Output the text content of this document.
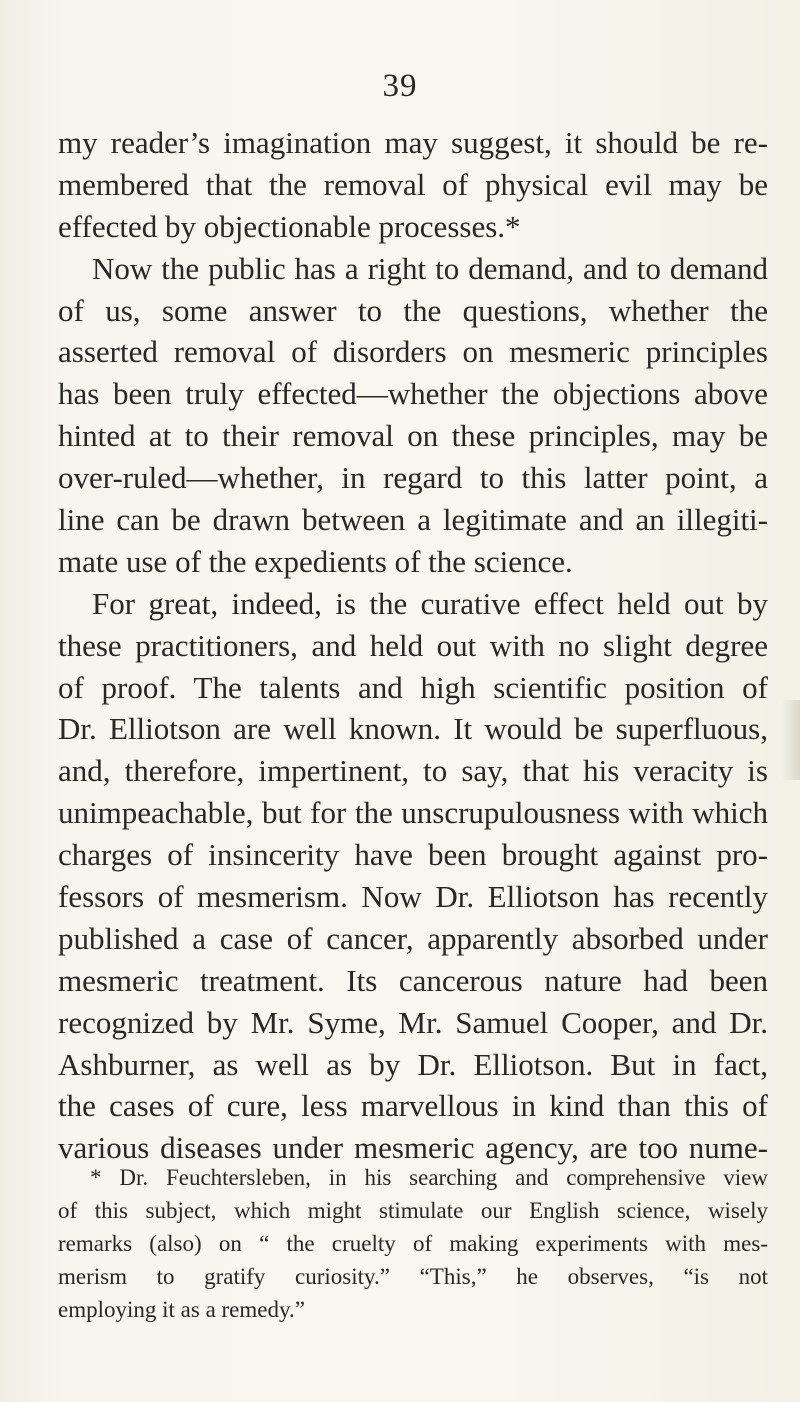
39
my reader’s imagination may suggest, it should be re-
membered that the removal of physical evil may be
effected by objectionable processes.*
Now the public has a right to demand, and to demand
of us, some answer to the questions, whether the
asserted removal of disorders on mesmeric principles
has been truly effected—whether the objections above
hinted at to their removal on these principles, may be
over-ruled—whether, in regard to this latter point, a
line can be drawn between a legitimate and an illegiti-
mate use of the expedients of the science.
For great, indeed, is the curative effect held out by
these practitioners, and held out with no slight degree
of proof. The talents and high scientific position of
Dr. Elliotson are well known. It would be superfluous,
and, therefore, impertinent, to say, that his veracity is
unimpeachable, but for the unscrupulousness with which
charges of insincerity have been brought against pro-
fessors of mesmerism. Now Dr. Elliotson has recently
published a case of cancer, apparently absorbed under
mesmeric treatment. Its cancerous nature had been
recognized by Mr. Syme, Mr. Samuel Cooper, and Dr.
Ashburner, as well as by Dr. Elliotson. But in fact,
the cases of cure, less marvellous in kind than this of
various diseases under mesmeric agency, are too nume-
* Dr. Feuchtersleben, in his searching and comprehensive view
of this subject, which might stimulate our English science, wisely
remarks (also) on “ the cruelty of making experiments with mes-
merism to gratify curiosity.” “This,” he observes, “is not
employing it as a remedy.”
